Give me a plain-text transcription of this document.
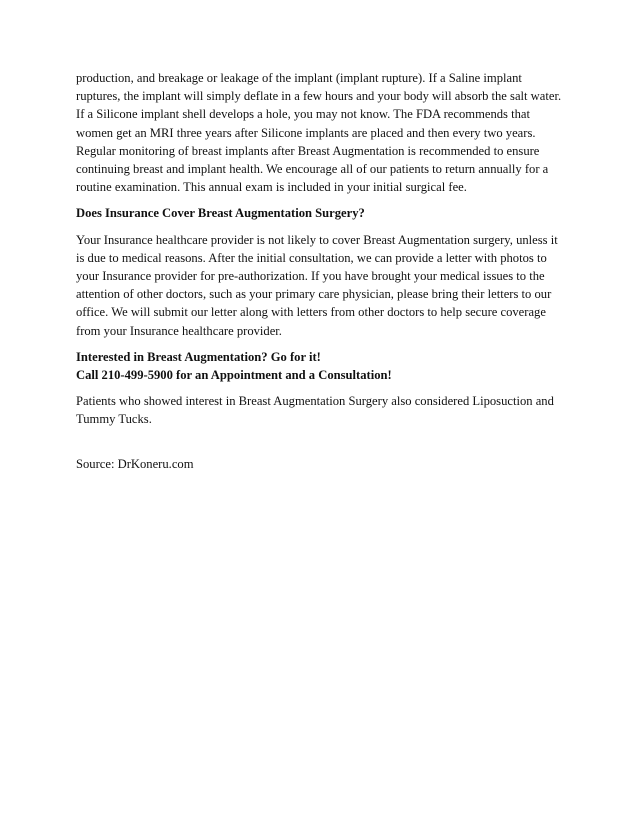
production, and breakage or leakage of the implant (implant rupture). If a Saline implant
ruptures, the implant will simply deflate in a few hours and your body will absorb the salt water.
If a Silicone implant shell develops a hole, you may not know. The FDA recommends that
women get an MRI three years after Silicone implants are placed and then every two years.
Regular monitoring of breast implants after Breast Augmentation is recommended to ensure
continuing breast and implant health. We encourage all of our patients to return annually for a
routine examination. This annual exam is included in your initial surgical fee.

Does Insurance Cover Breast Augmentation Surgery?

Your Insurance healthcare provider is not likely to cover Breast Augmentation surgery, unless it
is due to medical reasons. After the initial consultation, we can provide a letter with photos to
your Insurance provider for pre-authorization. If you have brought your medical issues to the
attention of other doctors, such as your primary care physician, please bring their letters to our
office. We will submit our letter along with letters from other doctors to help secure coverage
from your Insurance healthcare provider.

Interested in Breast Augmentation? Go for it!
Call 210-499-5900 for an Appointment and a Consultation!

Patients who showed interest in Breast Augmentation Surgery also considered Liposuction and
Tummy Tucks.

Source: DrKoneru.com
